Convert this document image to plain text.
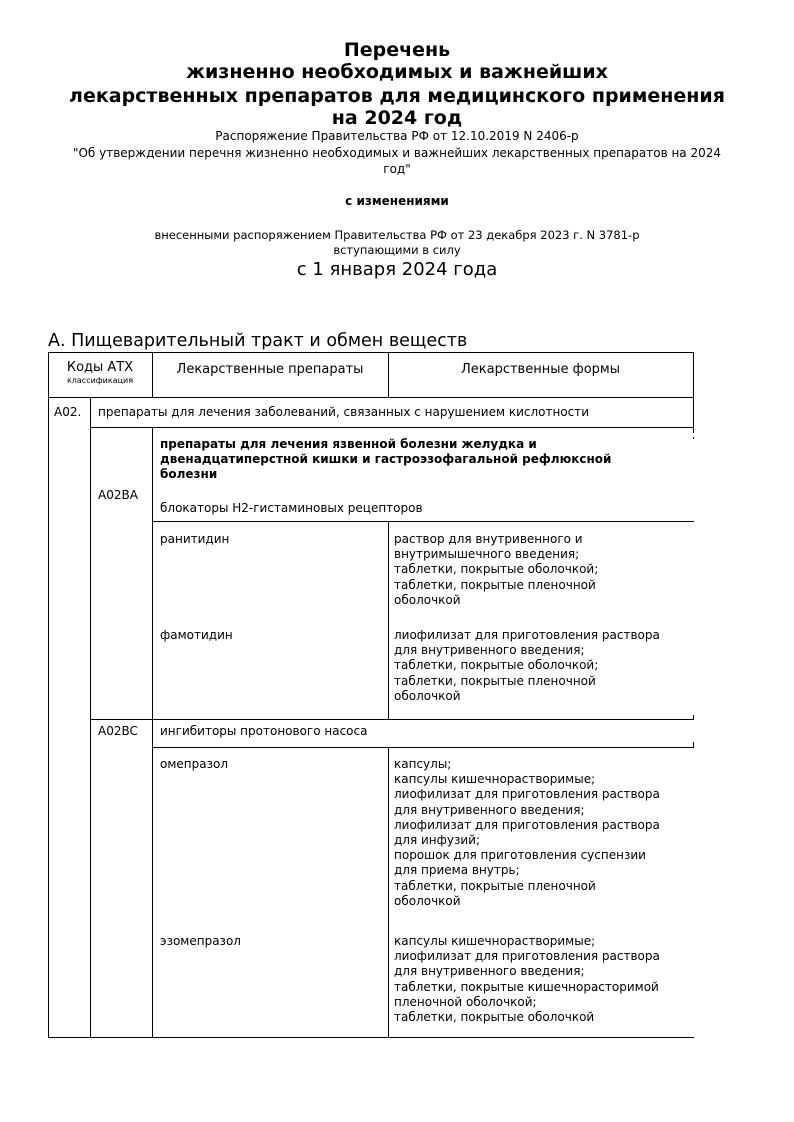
Перечень
жизненно необходимых и важнейших
лекарственных препаратов для медицинского применения
на 2024 год
Распоряжение Правительства РФ от 12.10.2019 N 2406-р
"Об утверждении перечня жизненно необходимых и важнейших лекарственных препаратов на 2024
год"
с изменениями
внесенными распоряжением Правительства РФ от 23 декабря 2023 г. N 3781-р
вступающими в силу
с 1 января 2024 года
А. Пищеварительный тракт и обмен веществ
Коды АТХ
классификация
Лекарственные препараты	Лекарственные формы
A02. препараты для лечения заболеваний, связанных с нарушением кислотности
A02BA
препараты для лечения язвенной болезни желудка и
двенадцатиперстной кишки и гастроэзофагальной рефлюксной
болезни
блокаторы Н2-гистаминовых рецепторов
ранитидин	раствор для внутривенного и
внутримышечного введения;
таблетки, покрытые оболочкой;
таблетки, покрытые пленочной
оболочкой
фамотидин	лиофилизат для приготовления раствора
для внутривенного введения;
таблетки, покрытые оболочкой;
таблетки, покрытые пленочной
оболочкой
A02BC ингибиторы протонового насоса
омепразол	капсулы;
капсулы кишечнорастворимые;
лиофилизат для приготовления раствора
для внутривенного введения;
лиофилизат для приготовления раствора
для инфузий;
порошок для приготовления суспензии
для приема внутрь;
таблетки, покрытые пленочной
оболочкой
эзомепразол	капсулы кишечнорастворимые;
лиофилизат для приготовления раствора
для внутривенного введения;
таблетки, покрытые кишечнорасторимой
пленочной оболочкой;
таблетки, покрытые оболочкой
